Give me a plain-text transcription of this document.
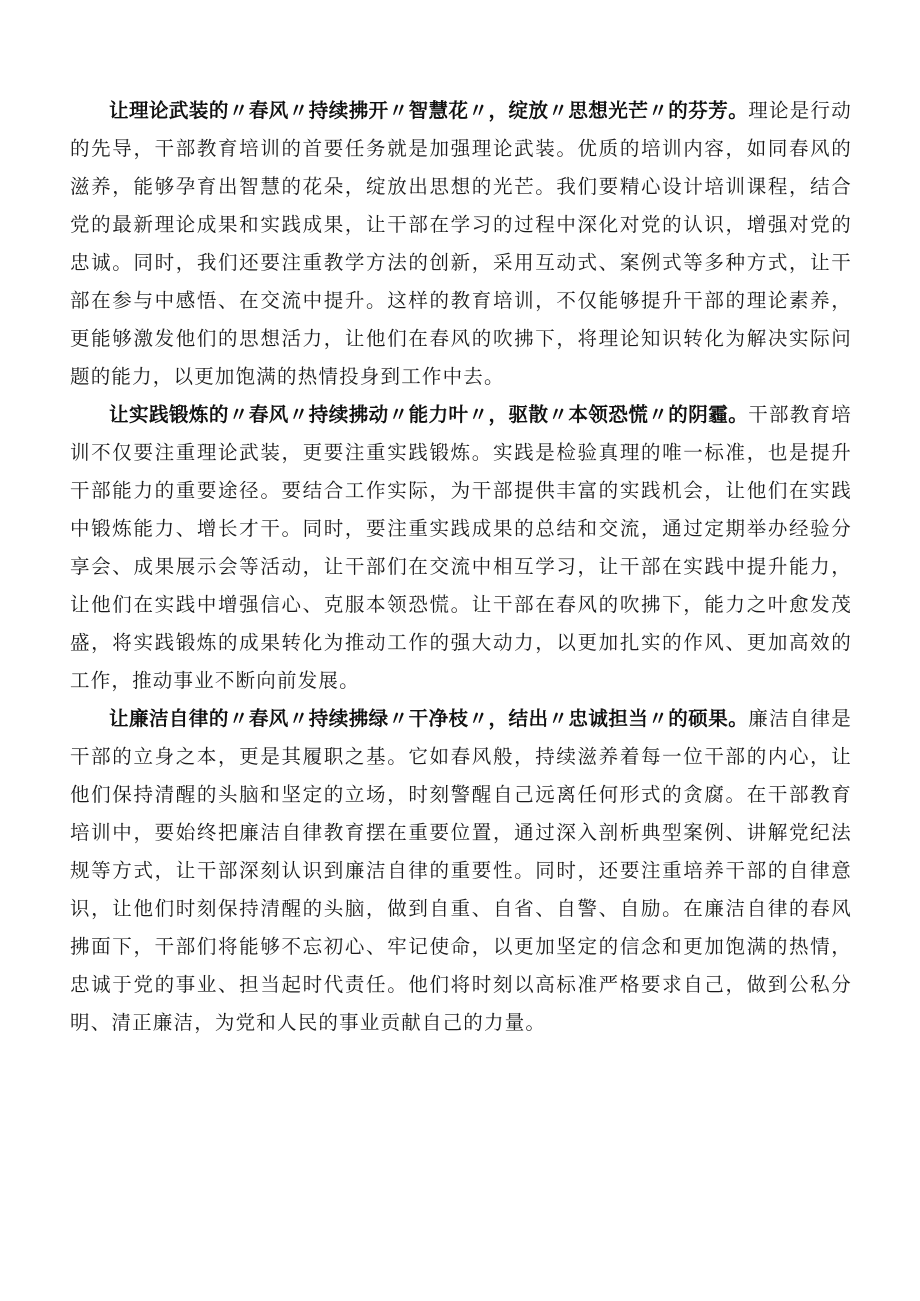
让理论武装的〃春风〃持续拂开〃智慧花〃，绽放〃思想光芒〃的芬芳。理论是行动的先导，干部教育培训的首要任务就是加强理论武装。优质的培训内容，如同春风的滋养，能够孕育出智慧的花朵，绽放出思想的光芒。我们要精心设计培训课程，结合党的最新理论成果和实践成果，让干部在学习的过程中深化对党的认识，增强对党的忠诚。同时，我们还要注重教学方法的创新，采用互动式、案例式等多种方式，让干部在参与中感悟、在交流中提升。这样的教育培训，不仅能够提升干部的理论素养，更能够激发他们的思想活力，让他们在春风的吹拂下，将理论知识转化为解决实际问题的能力，以更加饱满的热情投身到工作中去。

让实践锻炼的〃春风〃持续拂动〃能力叶〃，驱散〃本领恐慌〃的阴霾。干部教育培训不仅要注重理论武装，更要注重实践锻炼。实践是检验真理的唯一标准，也是提升干部能力的重要途径。要结合工作实际，为干部提供丰富的实践机会，让他们在实践中锻炼能力、增长才干。同时，要注重实践成果的总结和交流，通过定期举办经验分享会、成果展示会等活动，让干部们在交流中相互学习，让干部在实践中提升能力，让他们在实践中增强信心、克服本领恐慌。让干部在春风的吹拂下，能力之叶愈发茂盛，将实践锻炼的成果转化为推动工作的强大动力，以更加扎实的作风、更加高效的工作，推动事业不断向前发展。

让廉洁自律的〃春风〃持续拂绿〃干净枝〃，结出〃忠诚担当〃的硕果。廉洁自律是干部的立身之本，更是其履职之基。它如春风般，持续滋养着每一位干部的内心，让他们保持清醒的头脑和坚定的立场，时刻警醒自己远离任何形式的贪腐。在干部教育培训中，要始终把廉洁自律教育摆在重要位置，通过深入剖析典型案例、讲解党纪法规等方式，让干部深刻认识到廉洁自律的重要性。同时，还要注重培养干部的自律意识，让他们时刻保持清醒的头脑，做到自重、自省、自警、自励。在廉洁自律的春风拂面下，干部们将能够不忘初心、牢记使命，以更加坚定的信念和更加饱满的热情，忠诚于党的事业、担当起时代责任。他们将时刻以高标准严格要求自己，做到公私分明、清正廉洁，为党和人民的事业贡献自己的力量。
